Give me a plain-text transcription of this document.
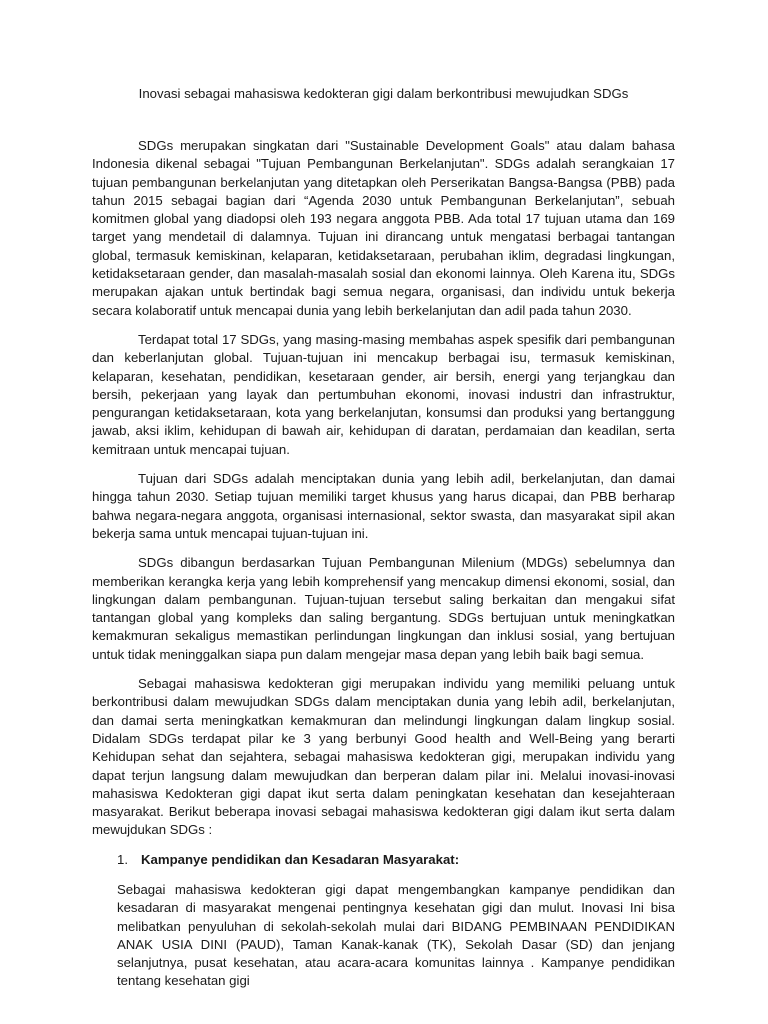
Inovasi sebagai mahasiswa kedokteran gigi dalam berkontribusi mewujudkan SDGs

SDGs merupakan singkatan dari "Sustainable Development Goals" atau dalam bahasa Indonesia dikenal sebagai "Tujuan Pembangunan Berkelanjutan". SDGs adalah serangkaian 17 tujuan pembangunan berkelanjutan yang ditetapkan oleh Perserikatan Bangsa-Bangsa (PBB) pada tahun 2015 sebagai bagian dari “Agenda 2030 untuk Pembangunan Berkelanjutan”, sebuah komitmen global yang diadopsi oleh 193 negara anggota PBB. Ada total 17 tujuan utama dan 169 target yang mendetail di dalamnya. Tujuan ini dirancang untuk mengatasi berbagai tantangan global, termasuk kemiskinan, kelaparan, ketidaksetaraan, perubahan iklim, degradasi lingkungan, ketidaksetaraan gender, dan masalah-masalah sosial dan ekonomi lainnya. Oleh Karena itu, SDGs merupakan ajakan untuk bertindak bagi semua negara, organisasi, dan individu untuk bekerja secara kolaboratif untuk mencapai dunia yang lebih berkelanjutan dan adil pada tahun 2030.

Terdapat total 17 SDGs, yang masing-masing membahas aspek spesifik dari pembangunan dan keberlanjutan global. Tujuan-tujuan ini mencakup berbagai isu, termasuk kemiskinan, kelaparan, kesehatan, pendidikan, kesetaraan gender, air bersih, energi yang terjangkau dan bersih, pekerjaan yang layak dan pertumbuhan ekonomi, inovasi industri dan infrastruktur, pengurangan ketidaksetaraan, kota yang berkelanjutan, konsumsi dan produksi yang bertanggung jawab, aksi iklim, kehidupan di bawah air, kehidupan di daratan, perdamaian dan keadilan, serta kemitraan untuk mencapai tujuan.

Tujuan dari SDGs adalah menciptakan dunia yang lebih adil, berkelanjutan, dan damai hingga tahun 2030. Setiap tujuan memiliki target khusus yang harus dicapai, dan PBB berharap bahwa negara-negara anggota, organisasi internasional, sektor swasta, dan masyarakat sipil akan bekerja sama untuk mencapai tujuan-tujuan ini.

SDGs dibangun berdasarkan Tujuan Pembangunan Milenium (MDGs) sebelumnya dan memberikan kerangka kerja yang lebih komprehensif yang mencakup dimensi ekonomi, sosial, dan lingkungan dalam pembangunan. Tujuan-tujuan tersebut saling berkaitan dan mengakui sifat tantangan global yang kompleks dan saling bergantung. SDGs bertujuan untuk meningkatkan kemakmuran sekaligus memastikan perlindungan lingkungan dan inklusi sosial, yang bertujuan untuk tidak meninggalkan siapa pun dalam mengejar masa depan yang lebih baik bagi semua.

Sebagai mahasiswa kedokteran gigi merupakan individu yang memiliki peluang untuk berkontribusi dalam mewujudkan SDGs dalam menciptakan dunia yang lebih adil, berkelanjutan, dan damai serta meningkatkan kemakmuran dan melindungi lingkungan dalam lingkup sosial. Didalam SDGs terdapat pilar ke 3 yang berbunyi Good health and Well-Being yang berarti Kehidupan sehat dan sejahtera, sebagai mahasiswa kedokteran gigi, merupakan individu yang dapat terjun langsung dalam mewujudkan dan berperan dalam pilar ini. Melalui inovasi-inovasi mahasiswa Kedokteran gigi dapat ikut serta dalam peningkatan kesehatan dan kesejahteraan masyarakat. Berikut beberapa inovasi sebagai mahasiswa kedokteran gigi dalam ikut serta dalam mewujdukan SDGs :

1. Kampanye pendidikan dan Kesadaran Masyarakat:

Sebagai mahasiswa kedokteran gigi dapat mengembangkan kampanye pendidikan dan kesadaran di masyarakat mengenai pentingnya kesehatan gigi dan mulut. Inovasi Ini bisa melibatkan penyuluhan di sekolah-sekolah mulai dari BIDANG PEMBINAAN PENDIDIKAN ANAK USIA DINI (PAUD), Taman Kanak-kanak (TK), Sekolah Dasar (SD) dan jenjang selanjutnya, pusat kesehatan, atau acara-acara komunitas lainnya . Kampanye pendidikan tentang kesehatan gigi
